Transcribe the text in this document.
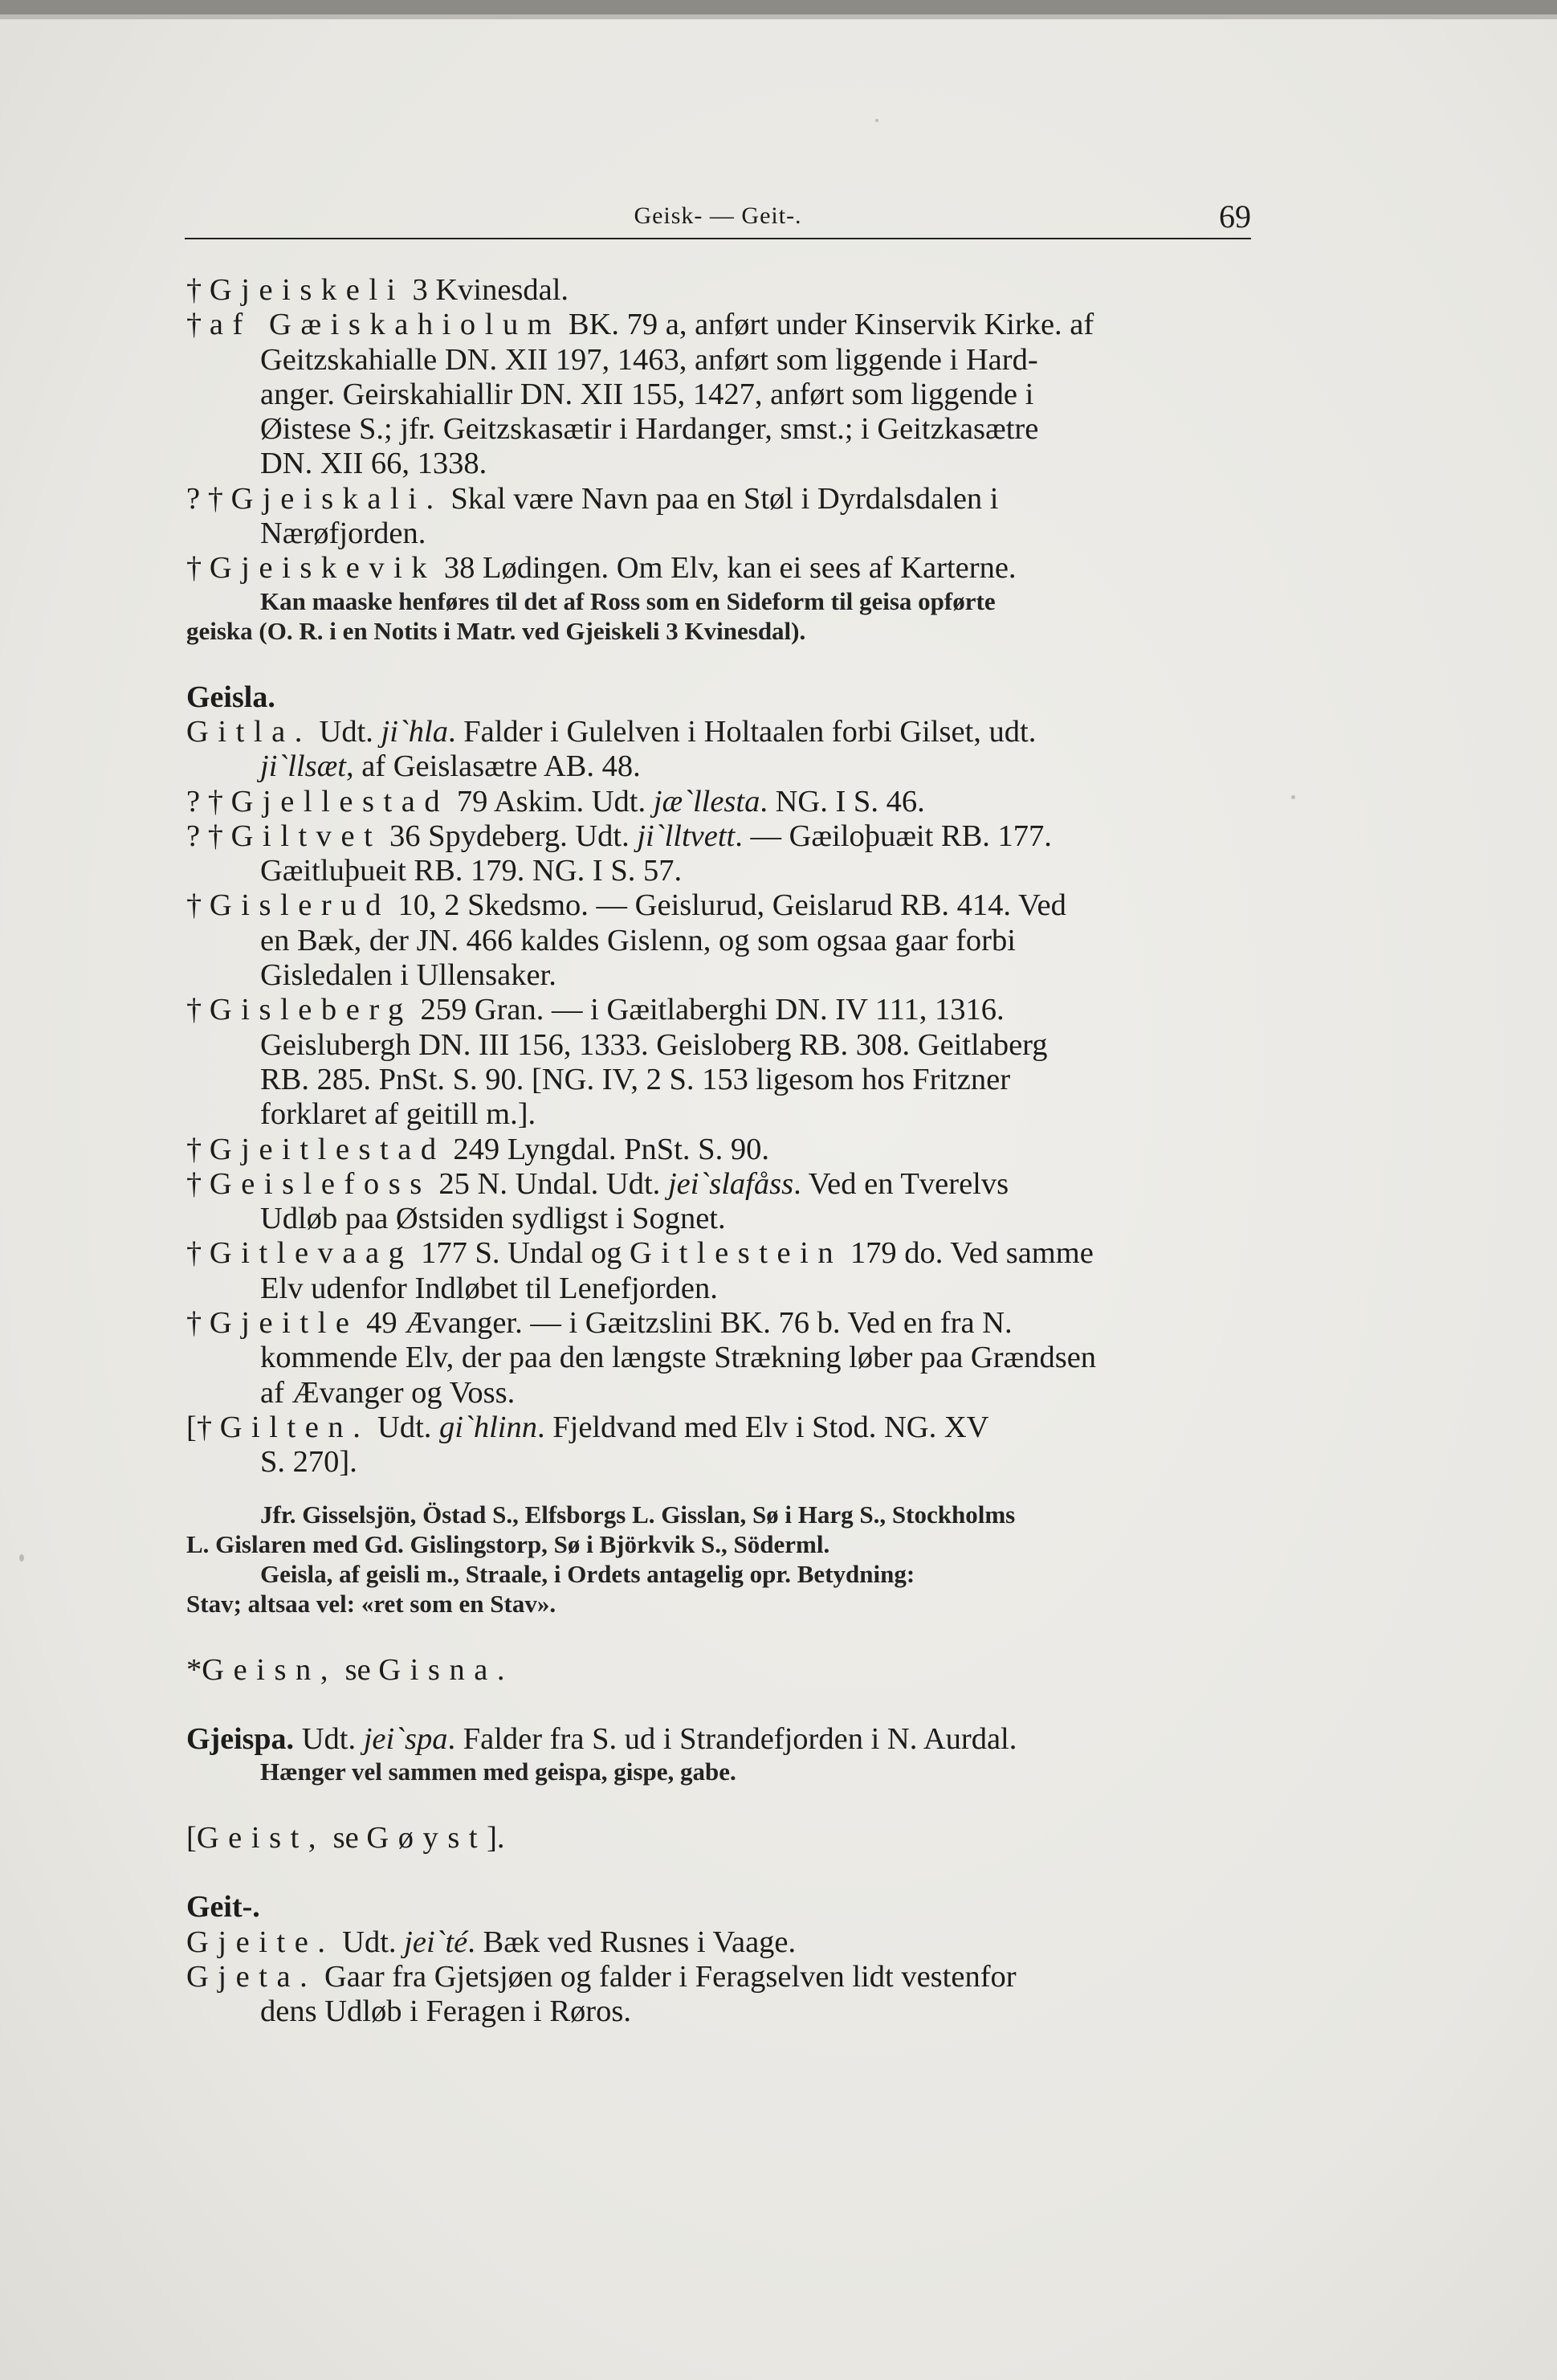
Geisk- — Geit-.	69
† Gjeiskeli 3 Kvinesdal.
† af Gæiskahiolum BK. 79 a, anført under Kinservik Kirke. af
Geitzskahialle DN. XII 197, 1463, anført som liggende i Hard-
anger. Geirskahiallir DN. XII 155, 1427, anført som liggende i
Øistese S.; jfr. Geitzskasætir i Hardanger, smst.; i Geitzkasætre
DN. XII 66, 1338.
? † Gjeiskali. Skal være Navn paa en Støl i Dyrdalsdalen i
Nærøfjorden.
† Gjeiskevik 38 Lødingen. Om Elv, kan ei sees af Karterne.
Kan maaske henføres til det af Ross som en Sideform til geisa opførte
geiska (O. R. i en Notits i Matr. ved Gjeiskeli 3 Kvinesdal).
Geisla.
Gitla. Udt. ji`hla. Falder i Gulelven i Holtaalen forbi Gilset, udt.
ji`llsæt, af Geislasætre AB. 48.
? † Gjellestad 79 Askim. Udt. jæ`llesta. NG. I S. 46.
? † Giltvet 36 Spydeberg. Udt. ji`lltvett. — Gæiloþuæit RB. 177.
Gæitluþueit RB. 179. NG. I S. 57.
† Gislerud 10, 2 Skedsmo. — Geislurud, Geislarud RB. 414. Ved
en Bæk, der JN. 466 kaldes Gislenn, og som ogsaa gaar forbi
Gisledalen i Ullensaker.
† Gisleberg 259 Gran. — i Gæitlaberghi DN. IV 111, 1316.
Geislubergh DN. III 156, 1333. Geisloberg RB. 308. Geitlaberg
RB. 285. PnSt. S. 90. [NG. IV, 2 S. 153 ligesom hos Fritzner
forklaret af geitill m.].
† Gjeitlestad 249 Lyngdal. PnSt. S. 90.
† Geislefoss 25 N. Undal. Udt. jei`slafåss. Ved en Tverelvs
Udløb paa Østsiden sydligst i Sognet.
† Gitlevaag 177 S. Undal og Gitlestein 179 do. Ved samme
Elv udenfor Indløbet til Lenefjorden.
† Gjeitle 49 Ævanger. — i Gæitzslini BK. 76 b. Ved en fra N.
kommende Elv, der paa den længste Strækning løber paa Grændsen
af Ævanger og Voss.
[† Gilten. Udt. gi`hlinn. Fjeldvand med Elv i Stod. NG. XV
S. 270].
Jfr. Gisselsjön, Östad S., Elfsborgs L. Gisslan, Sø i Harg S., Stockholms
L. Gislaren med Gd. Gislingstorp, Sø i Björkvik S., Söderml.
Geisla, af geisli m., Straale, i Ordets antagelig opr. Betydning:
Stav; altsaa vel: «ret som en Stav».
*Geisn, se Gisna.
Gjeispa. Udt. jei`spa. Falder fra S. ud i Strandefjorden i N. Aurdal.
Hænger vel sammen med geispa, gispe, gabe.
[Geist, se Gøyst].
Geit-.
Gjeite. Udt. jei`té. Bæk ved Rusnes i Vaage.
Gjeta. Gaar fra Gjetsjøen og falder i Feragselven lidt vestenfor
dens Udløb i Feragen i Røros.
